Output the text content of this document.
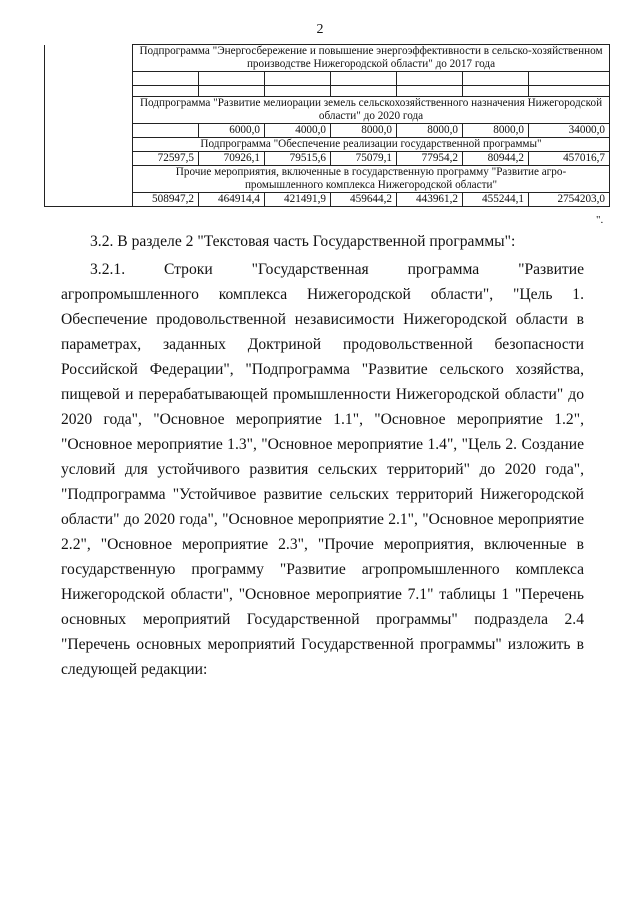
2
	Подпрограмма "Энергосбережение и повышение энергоэффективности в сельско-хозяйственном производстве Нижегородской области" до 2017 года						

	Подпрограмма "Развитие мелиорации земель сельскохозяйственного назначения Нижегородской области" до 2020 года						
		6000,0	4000,0	8000,0	8000,0	8000,0	34000,0
	Подпрограмма "Обеспечение реализации государственной программы"						
	72597,5	70926,1	79515,6	75079,1	77954,2	80944,2	457016,7
	Прочие мероприятия, включенные в государственную программу "Развитие агро-промышленного комплекса Нижегородской области"						
	508947,2	464914,4	421491,9	459644,2	443961,2	455244,1	2754203,0
".

3.2. В разделе 2 "Текстовая часть Государственной программы":

3.2.1. Строки "Государственная программа "Развитие агропромышленного комплекса Нижегородской области", "Цель 1. Обеспечение продовольственной независимости Нижегородской области в параметрах, заданных Доктриной продовольственной безопасности Российской Федерации", "Подпрограмма "Развитие сельского хозяйства, пищевой и перерабатывающей промышленности Нижегородской области" до 2020 года", "Основное мероприятие 1.1", "Основное мероприятие 1.2", "Основное мероприятие 1.3", "Основное мероприятие 1.4", "Цель 2. Создание условий для устойчивого развития сельских территорий" до 2020 года", "Подпрограмма "Устойчивое развитие сельских территорий Нижегородской области" до 2020 года", "Основное мероприятие 2.1", "Основное мероприятие 2.2", "Основное мероприятие 2.3", "Прочие мероприятия, включенные в государственную программу "Развитие агропромышленного комплекса Нижегородской области", "Основное мероприятие 7.1" таблицы 1 "Перечень основных мероприятий Государственной программы" подраздела 2.4 "Перечень основных мероприятий Государственной программы" изложить в следующей редакции:
